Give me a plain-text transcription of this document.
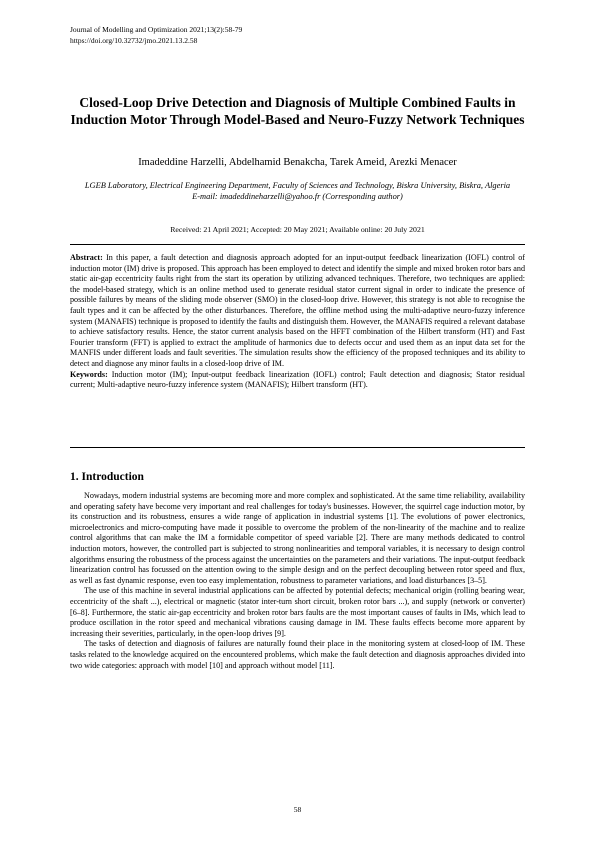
Journal of Modelling and Optimization 2021;13(2):58-79
https://doi.org/10.32732/jmo.2021.13.2.58
Closed-Loop Drive Detection and Diagnosis of Multiple Combined Faults in Induction Motor Through Model-Based and Neuro-Fuzzy Network Techniques
Imadeddine Harzelli, Abdelhamid Benakcha, Tarek Ameid, Arezki Menacer
LGEB Laboratory, Electrical Engineering Department, Faculty of Sciences and Technology, Biskra University, Biskra, Algeria
E-mail: imadeddineharzelli@yahoo.fr (Corresponding author)
Received: 21 April 2021; Accepted: 20 May 2021; Available online: 20 July 2021
Abstract: In this paper, a fault detection and diagnosis approach adopted for an input-output feedback linearization (IOFL) control of induction motor (IM) drive is proposed. This approach has been employed to detect and identify the simple and mixed broken rotor bars and static air-gap eccentricity faults right from the start its operation by utilizing advanced techniques. Therefore, two techniques are applied: the model-based strategy, which is an online method used to generate residual stator current signal in order to indicate the presence of possible failures by means of the sliding mode observer (SMO) in the closed-loop drive. However, this strategy is not able to recognise the fault types and it can be affected by the other disturbances. Therefore, the offline method using the multi-adaptive neuro-fuzzy inference system (MANAFIS) technique is proposed to identify the faults and distinguish them. However, the MANAFIS required a relevant database to achieve satisfactory results. Hence, the stator current analysis based on the HFFT combination of the Hilbert transform (HT) and Fast Fourier transform (FFT) is applied to extract the amplitude of harmonics due to defects occur and used them as an input data set for the MANFIS under different loads and fault severities. The simulation results show the efficiency of the proposed techniques and its ability to detect and diagnose any minor faults in a closed-loop drive of IM.
Keywords: Induction motor (IM); Input-output feedback linearization (IOFL) control; Fault detection and diagnosis; Stator residual current; Multi-adaptive neuro-fuzzy inference system (MANAFIS); Hilbert transform (HT).
1. Introduction

Nowadays, modern industrial systems are becoming more and more complex and sophisticated. At the same time reliability, availability and operating safety have become very important and real challenges for today's businesses. However, the squirrel cage induction motor, by its construction and its robustness, ensures a wide range of application in industrial systems [1]. The evolutions of power electronics, microelectronics and micro-computing have made it possible to overcome the problem of the non-linearity of the machine and to realize control algorithms that can make the IM a formidable competitor of speed variable [2]. There are many methods dedicated to control induction motors, however, the controlled part is subjected to strong nonlinearities and temporal variables, it is necessary to design control algorithms ensuring the robustness of the process against the uncertainties on the parameters and their variations. The input-output feedback linearization control has focussed on the attention owing to the simple design and on the perfect decoupling between rotor speed and flux, as well as fast dynamic response, even too easy implementation, robustness to parameter variations, and load disturbances [3–5].

The use of this machine in several industrial applications can be affected by potential defects; mechanical origin (rolling bearing wear, eccentricity of the shaft ...), electrical or magnetic (stator inter-turn short circuit, broken rotor bars ...), and supply (network or converter) [6–8]. Furthermore, the static air-gap eccentricity and broken rotor bars faults are the most important causes of faults in IMs, which lead to produce oscillation in the rotor speed and mechanical vibrations causing damage in IM. These faults effects become more apparent by increasing their severities, particularly, in the open-loop drives [9].

The tasks of detection and diagnosis of failures are naturally found their place in the monitoring system at closed-loop of IM. These tasks related to the knowledge acquired on the encountered problems, which make the fault detection and diagnosis approaches divided into two wide categories: approach with model [10] and approach without model [11].

58
